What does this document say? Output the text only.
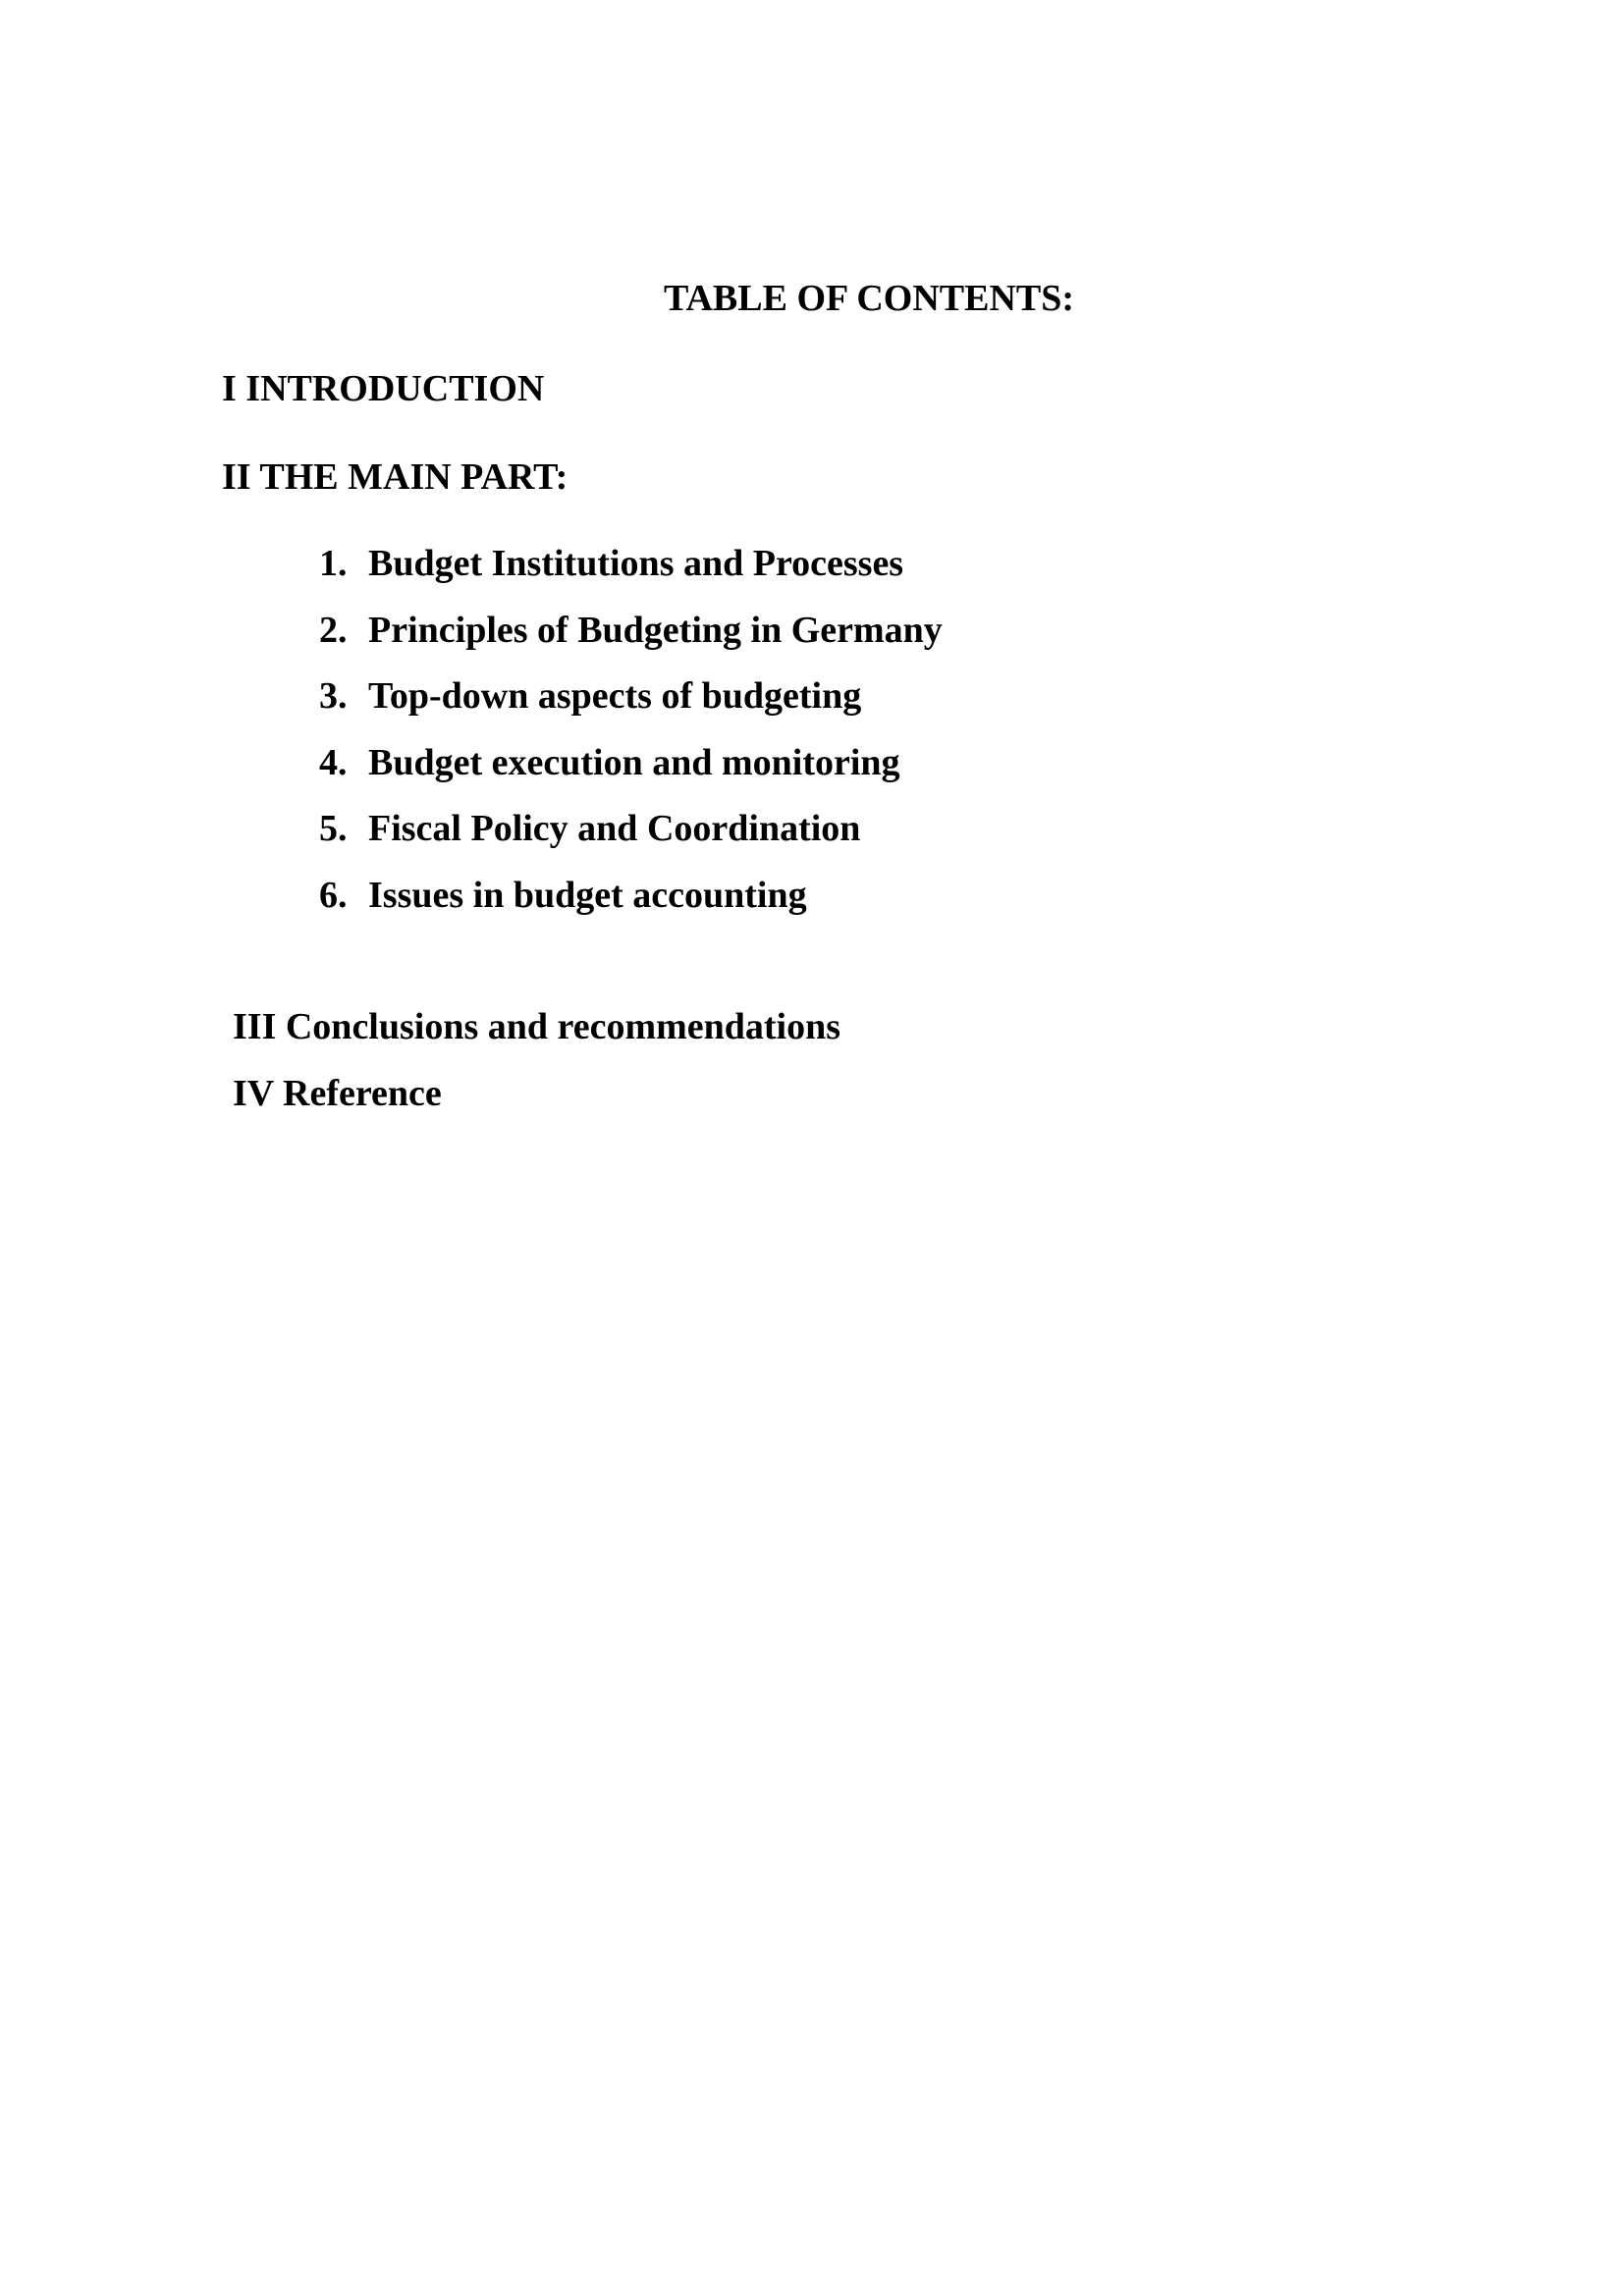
TABLE OF CONTENTS:
I INTRODUCTION
II THE MAIN PART:
1. Budget Institutions and Processes
2. Principles of Budgeting in Germany
3. Top-down aspects of budgeting
4. Budget execution and monitoring
5. Fiscal Policy and Coordination
6. Issues in budget accounting
III Conclusions and recommendations
IV Reference
